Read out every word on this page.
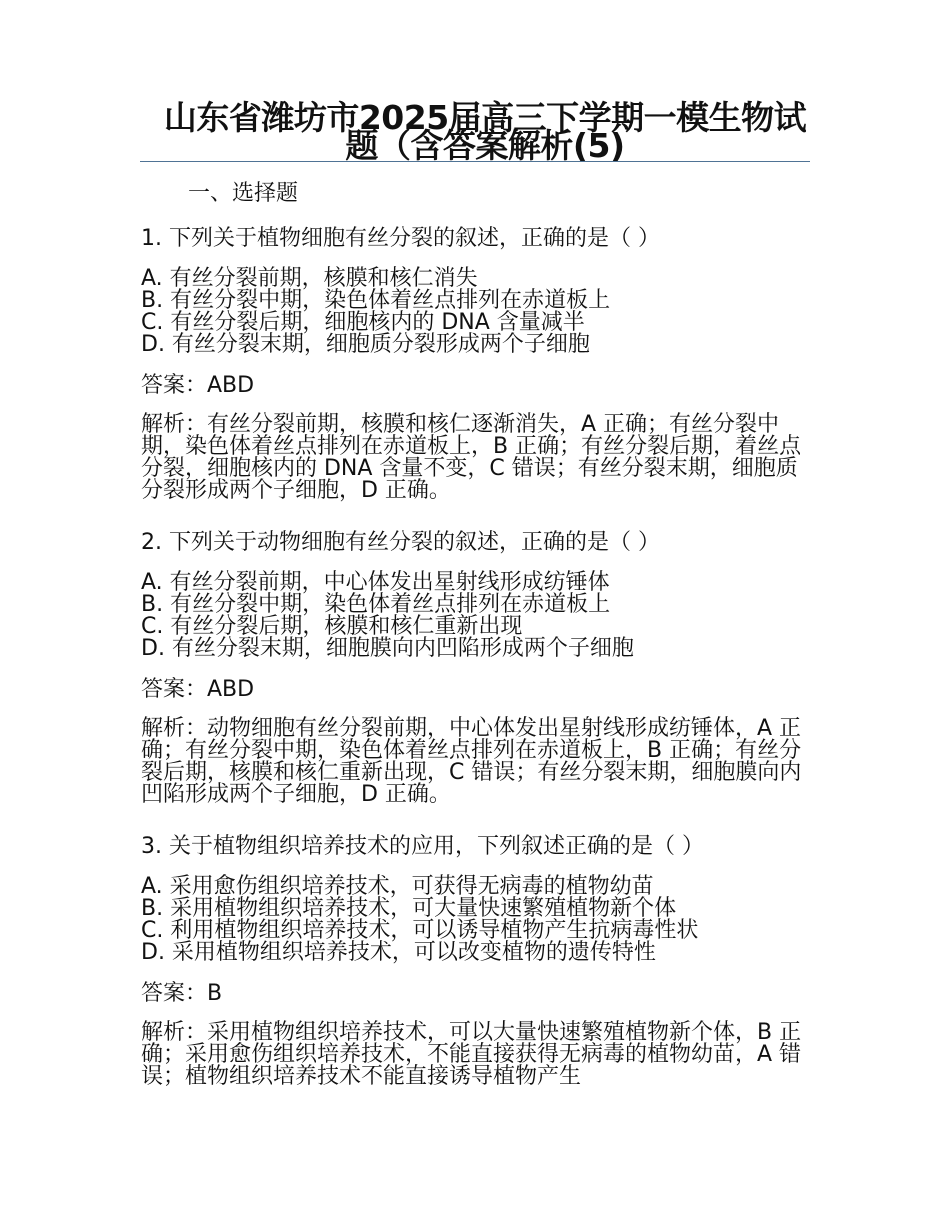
山东省潍坊市2025届高三下学期一模生物试题（含答案解析(5)
一、选择题
1. 下列关于植物细胞有丝分裂的叙述，正确的是（ ）
A. 有丝分裂前期，核膜和核仁消失
B. 有丝分裂中期，染色体着丝点排列在赤道板上
C. 有丝分裂后期，细胞核内的 DNA 含量减半
D. 有丝分裂末期，细胞质分裂形成两个子细胞
答案：ABD
解析：有丝分裂前期，核膜和核仁逐渐消失，A 正确；有丝分裂中期，染色体着丝点排列在赤道板上，B 正确；有丝分裂后期，着丝点分裂，细胞核内的 DNA 含量不变，C 错误；有丝分裂末期，细胞质分裂形成两个子细胞，D 正确。
2. 下列关于动物细胞有丝分裂的叙述，正确的是（ ）
A. 有丝分裂前期，中心体发出星射线形成纺锤体
B. 有丝分裂中期，染色体着丝点排列在赤道板上
C. 有丝分裂后期，核膜和核仁重新出现
D. 有丝分裂末期，细胞膜向内凹陷形成两个子细胞
答案：ABD
解析：动物细胞有丝分裂前期，中心体发出星射线形成纺锤体，A 正确；有丝分裂中期，染色体着丝点排列在赤道板上，B 正确；有丝分裂后期，核膜和核仁重新出现，C 错误；有丝分裂末期，细胞膜向内凹陷形成两个子细胞，D 正确。
3. 关于植物组织培养技术的应用，下列叙述正确的是（ ）
A. 采用愈伤组织培养技术，可获得无病毒的植物幼苗
B. 采用植物组织培养技术，可大量快速繁殖植物新个体
C. 利用植物组织培养技术，可以诱导植物产生抗病毒性状
D. 采用植物组织培养技术，可以改变植物的遗传特性
答案：B
解析：采用植物组织培养技术，可以大量快速繁殖植物新个体，B 正确；采用愈伤组织培养技术，不能直接获得无病毒的植物幼苗，A 错误；植物组织培养技术不能直接诱导植物产生
